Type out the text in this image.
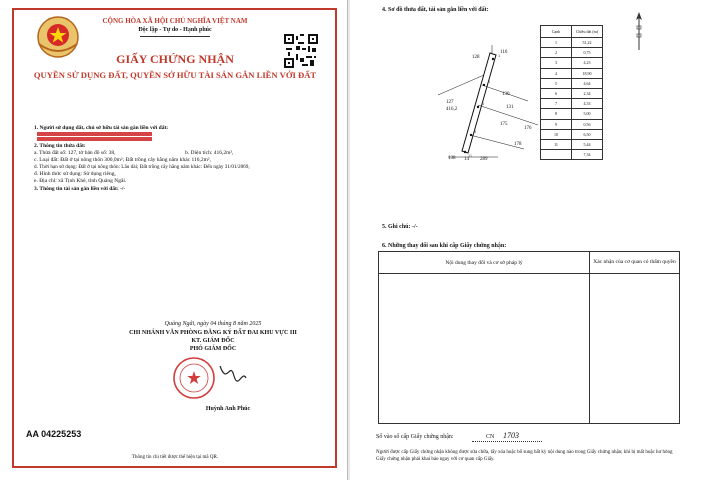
CỘNG HÒA XÃ HỘI CHỦ NGHĨA VIỆT NAM
Độc lập - Tự do - Hạnh phúc
GIẤY CHỨNG NHẬN
QUYỀN SỬ DỤNG ĐẤT, QUYỀN SỞ HỮU TÀI SẢN GẮN LIỀN VỚI ĐẤT
1. Người sử dụng đất, chủ sở hữu tài sản gắn liền với đất:
2. Thông tin thửa đất:
a. Thửa đất số: 127, tờ bản đồ số: 38,	b. Diện tích: 416,2m²,
c. Loại đất: Đất ở tại nông thôn 300,0m²; Đất trồng cây hằng năm khác 116,2m²,
d. Thời hạn sử dụng: Đất ở tại nông thôn: Lâu dài; Đất trồng cây hằng năm khác: Đến ngày 31/01/2069,
đ. Hình thức sử dụng: Sử dụng riêng,
e. Địa chỉ: xã Tịnh Khê, tỉnh Quảng Ngãi.
3. Thông tin tài sản gắn liền với đất: -/-
Quảng Ngãi, ngày 04 tháng 8 năm 2025
CHI NHÁNH VĂN PHÒNG ĐĂNG KÝ ĐẤT ĐAI KHU VỰC III
KT. GIÁM ĐỐC
PHÓ GIÁM ĐỐC
Huỳnh Anh Phúc
AA 04225253
Thông tin chi tiết được thể hiện tại mã QR.
4. Sơ đồ thửa đất, tài sản gắn liền với đất:
1
4
6
8
11
128
127
416,2
116
130
131
175
176
178
138 14 289
Cạnh	Chiều dài (m)
1	51,22
2	0,75
3	4,23
4	18,90
5	4,64
6	2,34
7	4,33
8	5,00
9	0,56
10	6,50
11	5,44
	7,34
5. Ghi chú: -/-
6. Những thay đổi sau khi cấp Giấy chứng nhận:
Nội dung thay đổi và cơ sở pháp lý	Xác nhận của cơ quan có thẩm quyền

Số vào số cấp Giấy chứng nhận:	CN 1703
Người được cấp Giấy chứng nhận không được sửa chữa, tẩy xóa hoặc bổ sung bất kỳ nội dung nào trong Giấy chứng nhận; khi bị mất hoặc hư hỏng Giấy chứng nhận phải khai báo ngay với cơ quan cấp Giấy.
